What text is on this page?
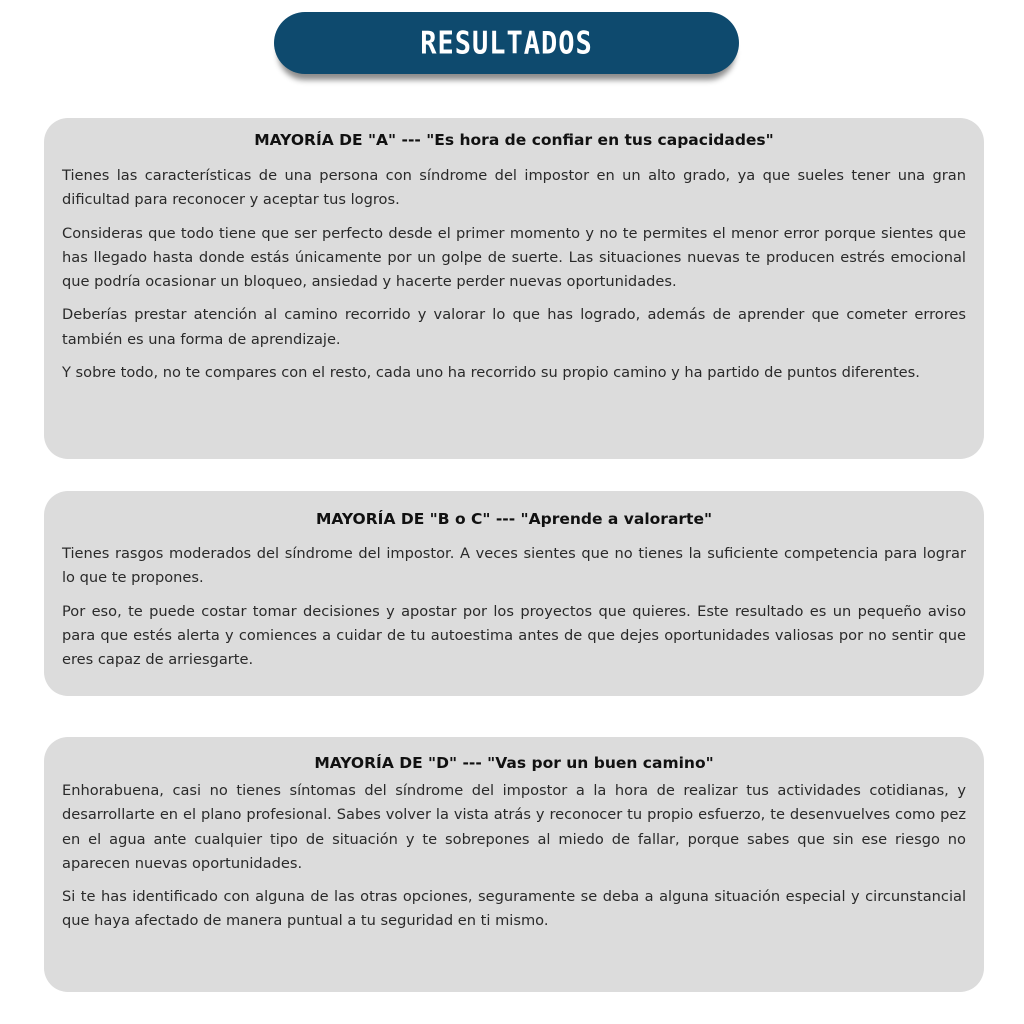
RESULTADOS
MAYORÍA DE "A" --- "Es hora de confiar en tus capacidades"

Tienes las características de una persona con síndrome del impostor en un alto grado, ya que sueles tener una gran dificultad para reconocer y aceptar tus logros.

Consideras que todo tiene que ser perfecto desde el primer momento y no te permites el menor error porque sientes que has llegado hasta donde estás únicamente por un golpe de suerte. Las situaciones nuevas te producen estrés emocional que podría ocasionar un bloqueo, ansiedad y hacerte perder nuevas oportunidades.

Deberías prestar atención al camino recorrido y valorar lo que has logrado, además de aprender que cometer errores también es una forma de aprendizaje.

Y sobre todo, no te compares con el resto, cada uno ha recorrido su propio camino y ha partido de puntos diferentes.

MAYORÍA DE "B o C" --- "Aprende a valorarte"

Tienes rasgos moderados del síndrome del impostor. A veces sientes que no tienes la suficiente competencia para lograr lo que te propones.

Por eso, te puede costar tomar decisiones y apostar por los proyectos que quieres. Este resultado es un pequeño aviso para que estés alerta y comiences a cuidar de tu autoestima antes de que dejes oportunidades valiosas por no sentir que eres capaz de arriesgarte.

MAYORÍA DE "D" --- "Vas por un buen camino"

Enhorabuena, casi no tienes síntomas del síndrome del impostor a la hora de realizar tus actividades cotidianas, y desarrollarte en el plano profesional. Sabes volver la vista atrás y reconocer tu propio esfuerzo, te desenvuelves como pez en el agua ante cualquier tipo de situación y te sobrepones al miedo de fallar, porque sabes que sin ese riesgo no aparecen nuevas oportunidades.

Si te has identificado con alguna de las otras opciones, seguramente se deba a alguna situación especial y circunstancial que haya afectado de manera puntual a tu seguridad en ti mismo.
